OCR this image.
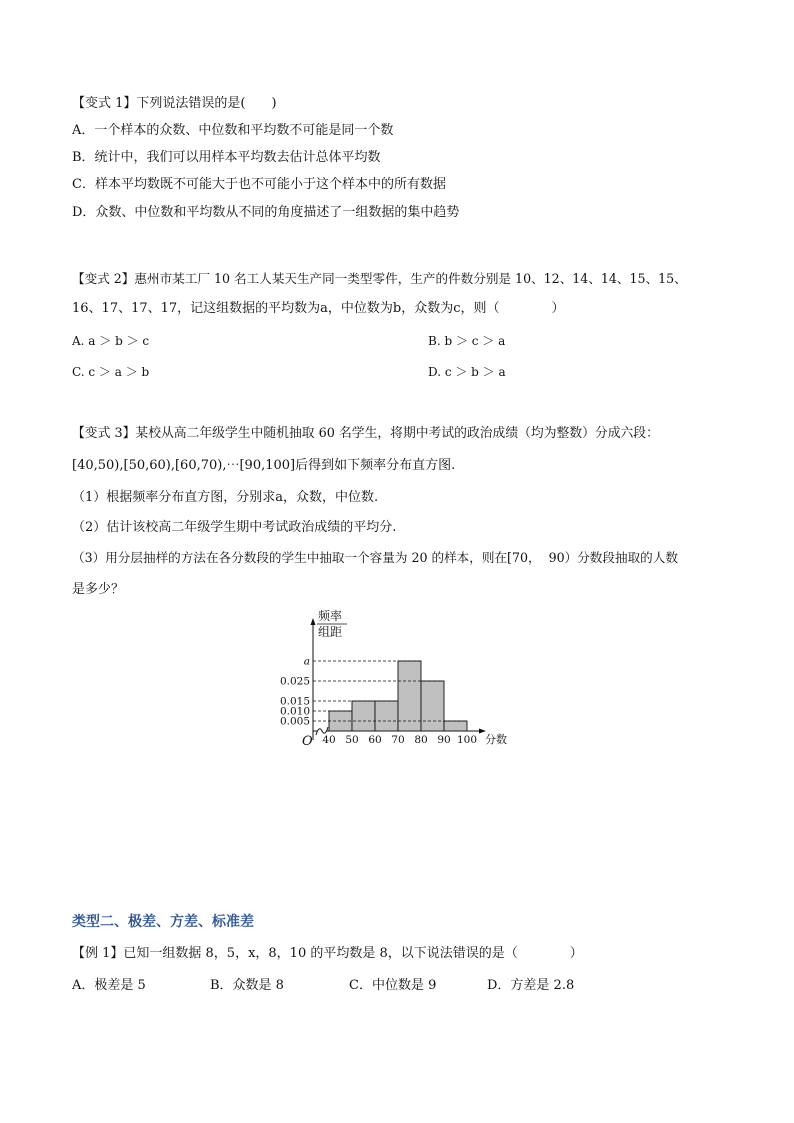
【变式 1】下列说法错误的是(　　)
A．一个样本的众数、中位数和平均数不可能是同一个数
B．统计中，我们可以用样本平均数去估计总体平均数
C．样本平均数既不可能大于也不可能小于这个样本中的所有数据
D．众数、中位数和平均数从不同的角度描述了一组数据的集中趋势
【变式 2】惠州市某工厂 10 名工人某天生产同一类型零件，生产的件数分别是 10、12、14、14、15、15、
16、17、17、17，记这组数据的平均数为a，中位数为b，众数为c，则（　　　　）
A. a ＞ b ＞ c	B. b ＞ c ＞ a
C. c ＞ a ＞ b	D. c ＞ b ＞ a
【变式 3】某校从高二年级学生中随机抽取 60 名学生，将期中考试的政治成绩（均为整数）分成六段：
[40,50),[50,60),[60,70),⋯[90,100]后得到如下频率分布直方图.
（1）根据频率分布直方图，分别求a，众数，中位数.
（2）估计该校高二年级学生期中考试政治成绩的平均分.
（3）用分层抽样的方法在各分数段的学生中抽取一个容量为 20 的样本，则在[70，  90）分数段抽取的人数
是多少？
频率
组距
O	分数
40 50 60 70 80 90 100
0.005
0.010
0.015
0.025
a
类型二、极差、方差、标准差
【例 1】已知一组数据 8，5，x，8，10 的平均数是 8，以下说法错误的是（　　　　）
A．极差是 5	B．众数是 8	C．中位数是 9	D．方差是 2.8
